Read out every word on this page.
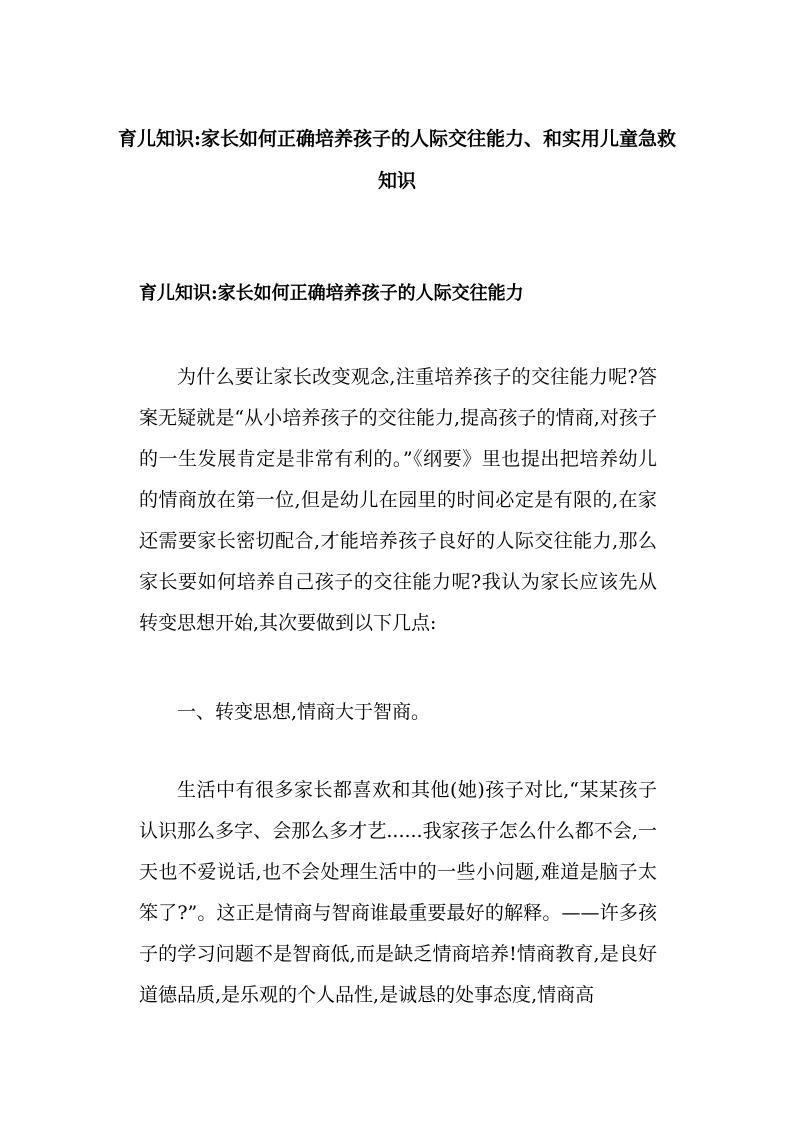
育儿知识:家长如何正确培养孩子的人际交往能力、和实用儿童急救知识
育儿知识:家长如何正确培养孩子的人际交往能力

为什么要让家长改变观念,注重培养孩子的交往能力呢?答案无疑就是“从小培养孩子的交往能力,提高孩子的情商,对孩子的一生发展肯定是非常有利的。”《纲要》里也提出把培养幼儿的情商放在第一位,但是幼儿在园里的时间必定是有限的,在家还需要家长密切配合,才能培养孩子良好的人际交往能力,那么家长要如何培养自己孩子的交往能力呢?我认为家长应该先从转变思想开始,其次要做到以下几点:

一、转变思想,情商大于智商。

生活中有很多家长都喜欢和其他(她)孩子对比,“某某孩子认识那么多字、会那么多才艺......我家孩子怎么什么都不会,一天也不爱说话,也不会处理生活中的一些小问题,难道是脑子太笨了?”。这正是情商与智商谁最重要最好的解释。——许多孩子的学习问题不是智商低,而是缺乏情商培养!情商教育,是良好道德品质,是乐观的个人品性,是诚恳的处事态度,情商高
